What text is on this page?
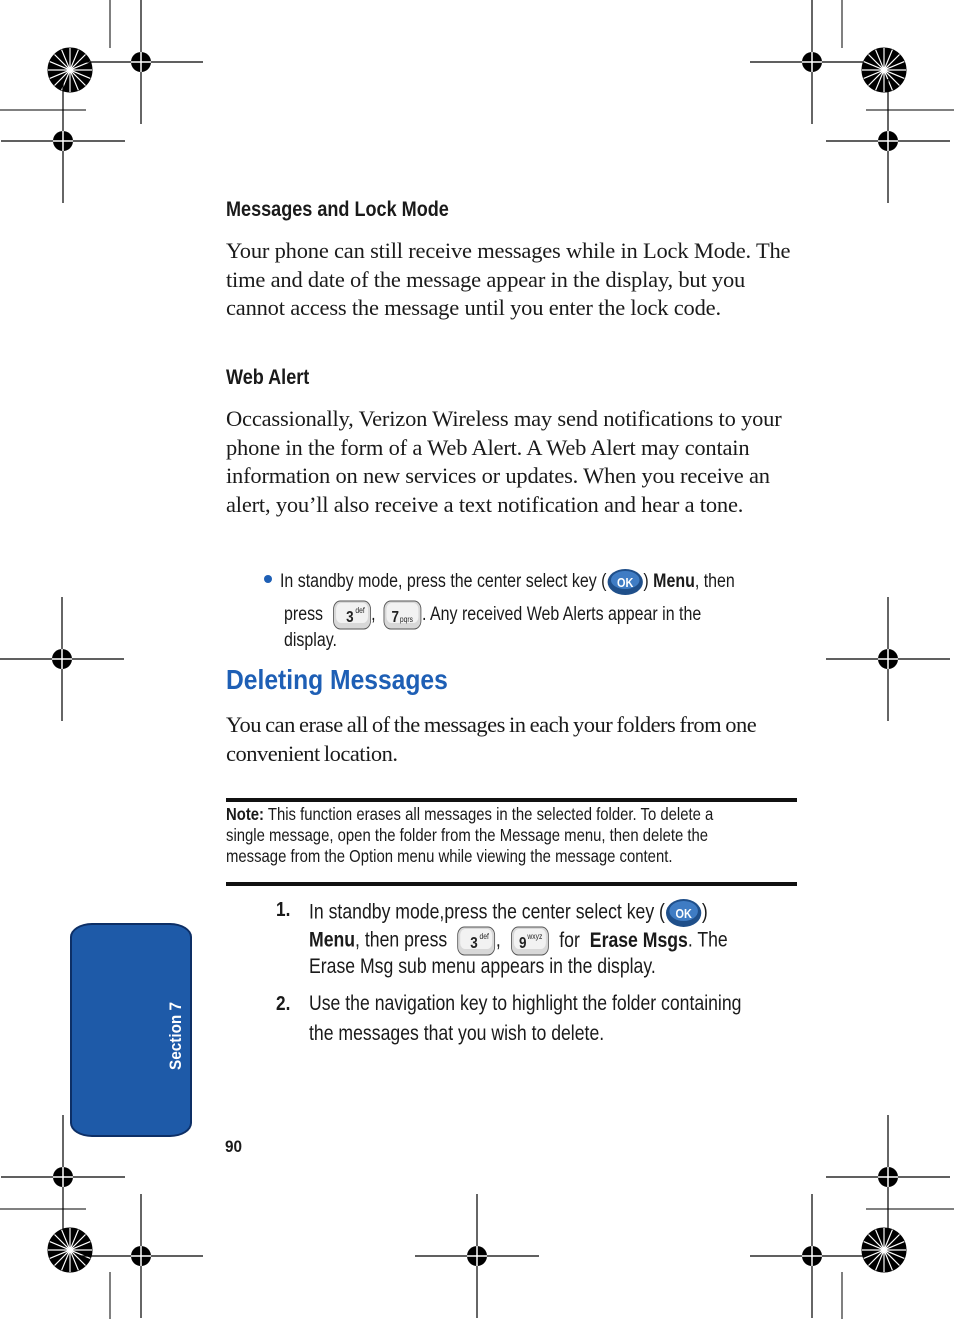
Section 7
Messages and Lock Mode
Your phone can still receive messages while in Lock Mode. The time and date of the message appear in the display, but you cannot access the message until you enter the lock code.
Web Alert
Occassionally, Verizon Wireless may send notifications to your phone in the form of a Web Alert. A Web Alert may contain information on new services or updates. When you receive an alert, you’ll also receive a text notification and hear a tone.
In standby mode, press the center select key ( OK ) Menu, then
press 3 def , 7 pqrs . Any received Web Alerts appear in the
display.
Deleting Messages
You can erase all of the messages in each your folders from one convenient location.
Note: This function erases all messages in the selected folder. To delete a
single message, open the folder from the Message menu, then delete the
message from the Option menu while viewing the message content.
1. In standby mode,press the center select key ( OK )
Menu, then press 3 def , 9 wxyz for Erase Msgs. The
Erase Msg sub menu appears in the display.
2. Use the navigation key to highlight the folder containing
the messages that you wish to delete.
90
